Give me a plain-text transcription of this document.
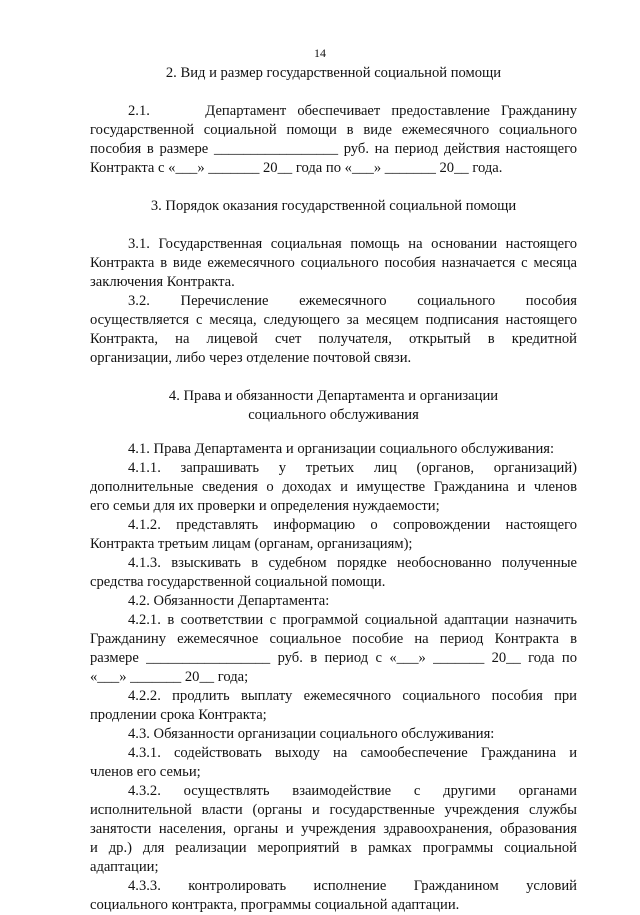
14
2. Вид и размер государственной социальной помощи
2.1.     Департамент обеспечивает предоставление Гражданину
государственной социальной помощи в виде ежемесячного социального
пособия в размере _________________ руб. на период действия настоящего
Контракта с «___» _______ 20__ года по «___» _______ 20__ года.
3. Порядок оказания государственной социальной помощи
3.1. Государственная социальная помощь на основании настоящего
Контракта в виде ежемесячного социального пособия назначается с месяца
заключения Контракта.
3.2.      Перечисление      ежемесячного      социального      пособия
осуществляется с месяца, следующего за месяцем подписания настоящего
Контракта, на лицевой счет получателя, открытый в кредитной
организации, либо через отделение почтовой связи.
4. Права и обязанности Департамента и организации
социального обслуживания
4.1. Права Департамента и организации социального обслуживания:
4.1.1. запрашивать у третьих лиц (органов, организаций)
дополнительные сведения о доходах и имуществе Гражданина и членов
его семьи для их проверки и определения нуждаемости;
4.1.2. представлять информацию о сопровождении настоящего
Контракта третьим лицам (органам, организациям);
4.1.3. взыскивать в судебном порядке необоснованно полученные
средства государственной социальной помощи.
4.2. Обязанности Департамента:
4.2.1. в соответствии с программой социальной адаптации назначить
Гражданину ежемесячное социальное пособие на период Контракта в
размере _________________ руб. в период с «___» _______ 20__ года по
«___» _______ 20__ года;
4.2.2. продлить выплату ежемесячного социального пособия при
продлении срока Контракта;
4.3. Обязанности организации социального обслуживания:
4.3.1. содействовать выходу на самообеспечение Гражданина и
членов его семьи;
4.3.2.     осуществлять     взаимодействие     с     другими     органами
исполнительной власти (органы и государственные учреждения службы
занятости населения, органы и учреждения здравоохранения, образования
и др.) для реализации мероприятий в рамках программы социальной
адаптации;
4.3.3.      контролировать      исполнение      Гражданином      условий
социального контракта, программы социальной адаптации.
